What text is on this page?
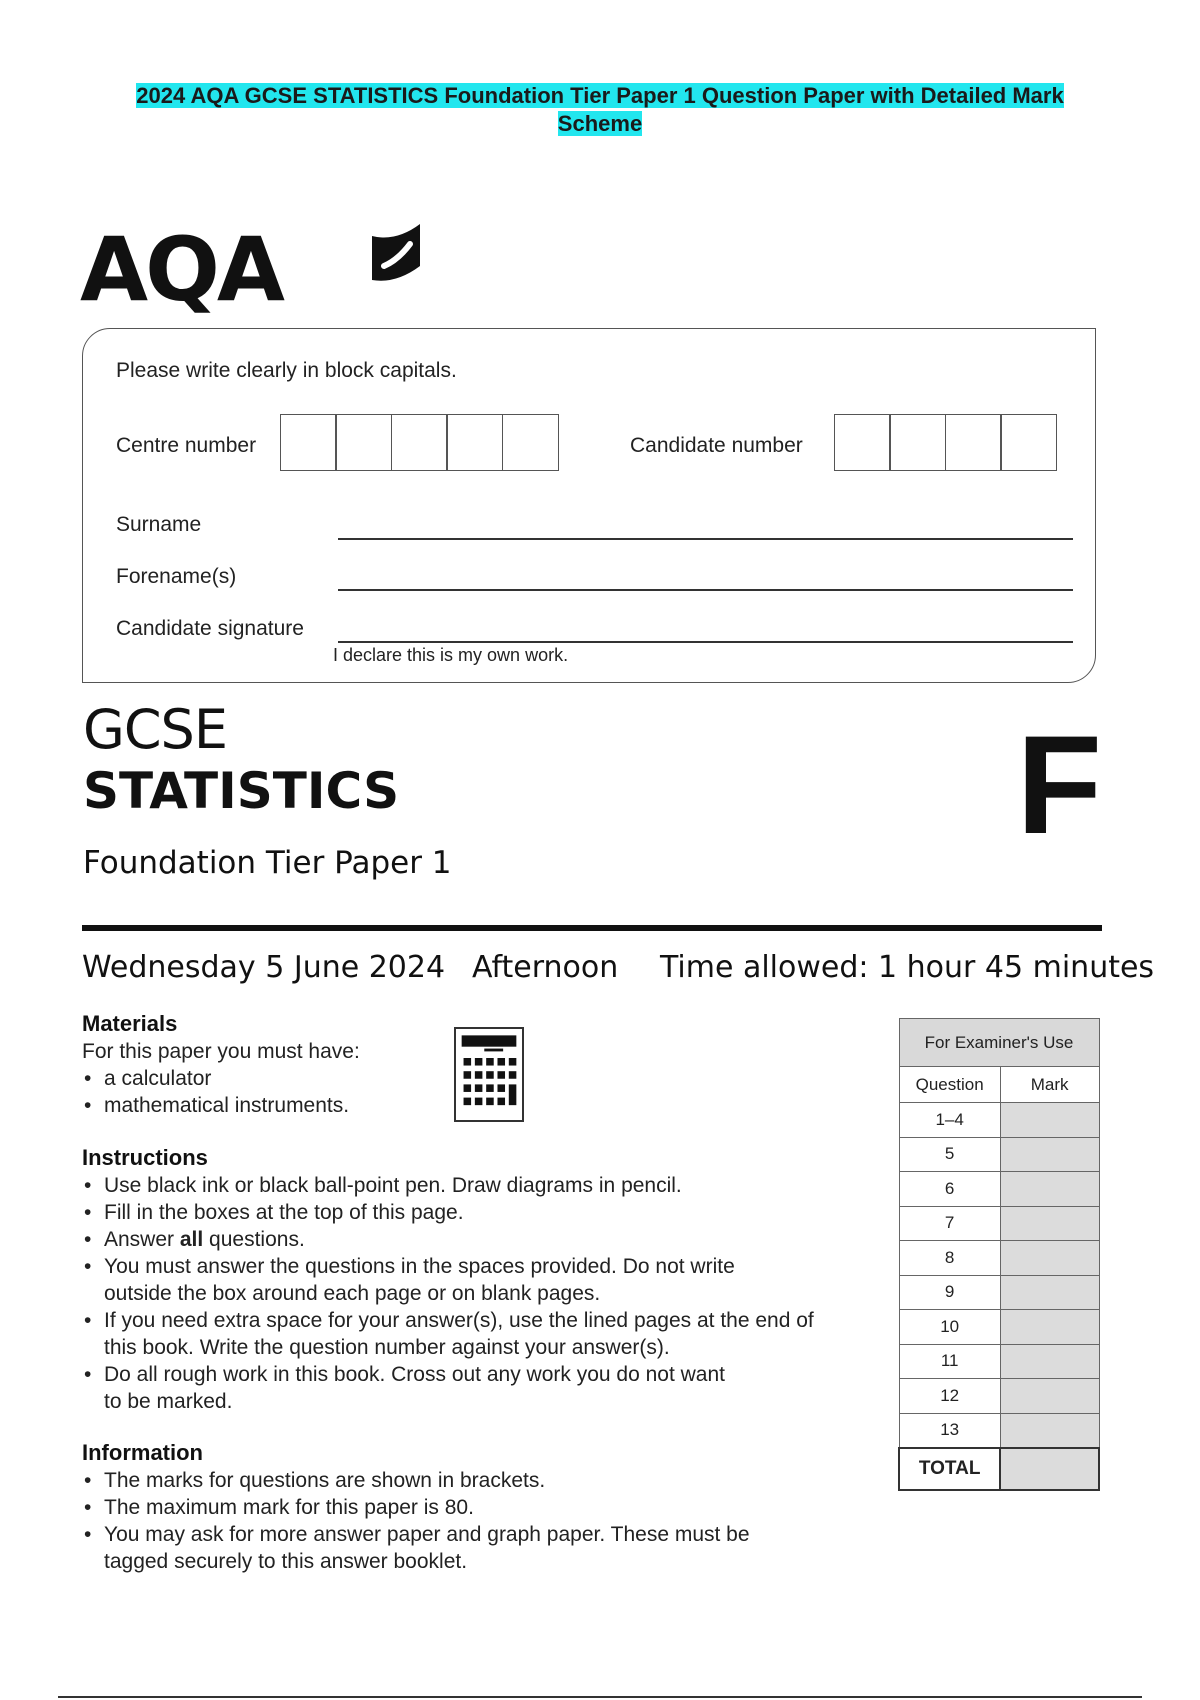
2024 AQA GCSE STATISTICS Foundation Tier Paper 1 Question Paper with Detailed Mark
Scheme
AQA
Please write clearly in block capitals.
Centre number	Candidate number
Surname
Forename(s)
Candidate signature
I declare this is my own work.
GCSE
STATISTICS	F
Foundation Tier Paper 1
Wednesday 5 June 2024 Afternoon Time allowed: 1 hour 45 minutes
Materials
For this paper you must have:
• a calculator
• mathematical instruments.
Instructions
• Use black ink or black ball-point pen. Draw diagrams in pencil.
• Fill in the boxes at the top of this page.
• Answer all questions.
• You must answer the questions in the spaces provided. Do not write
outside the box around each page or on blank pages.
• If you need extra space for your answer(s), use the lined pages at the end of
this book. Write the question number against your answer(s).
• Do all rough work in this book. Cross out any work you do not want
to be marked.
Information
• The marks for questions are shown in brackets.
• The maximum mark for this paper is 80.
• You may ask for more answer paper and graph paper. These must be
tagged securely to this answer booklet.
For Examiner's Use	
Question	Mark
1–4	
5	
6	
7	
8	
9	
10	
11	
12	
13	
TOTAL	
